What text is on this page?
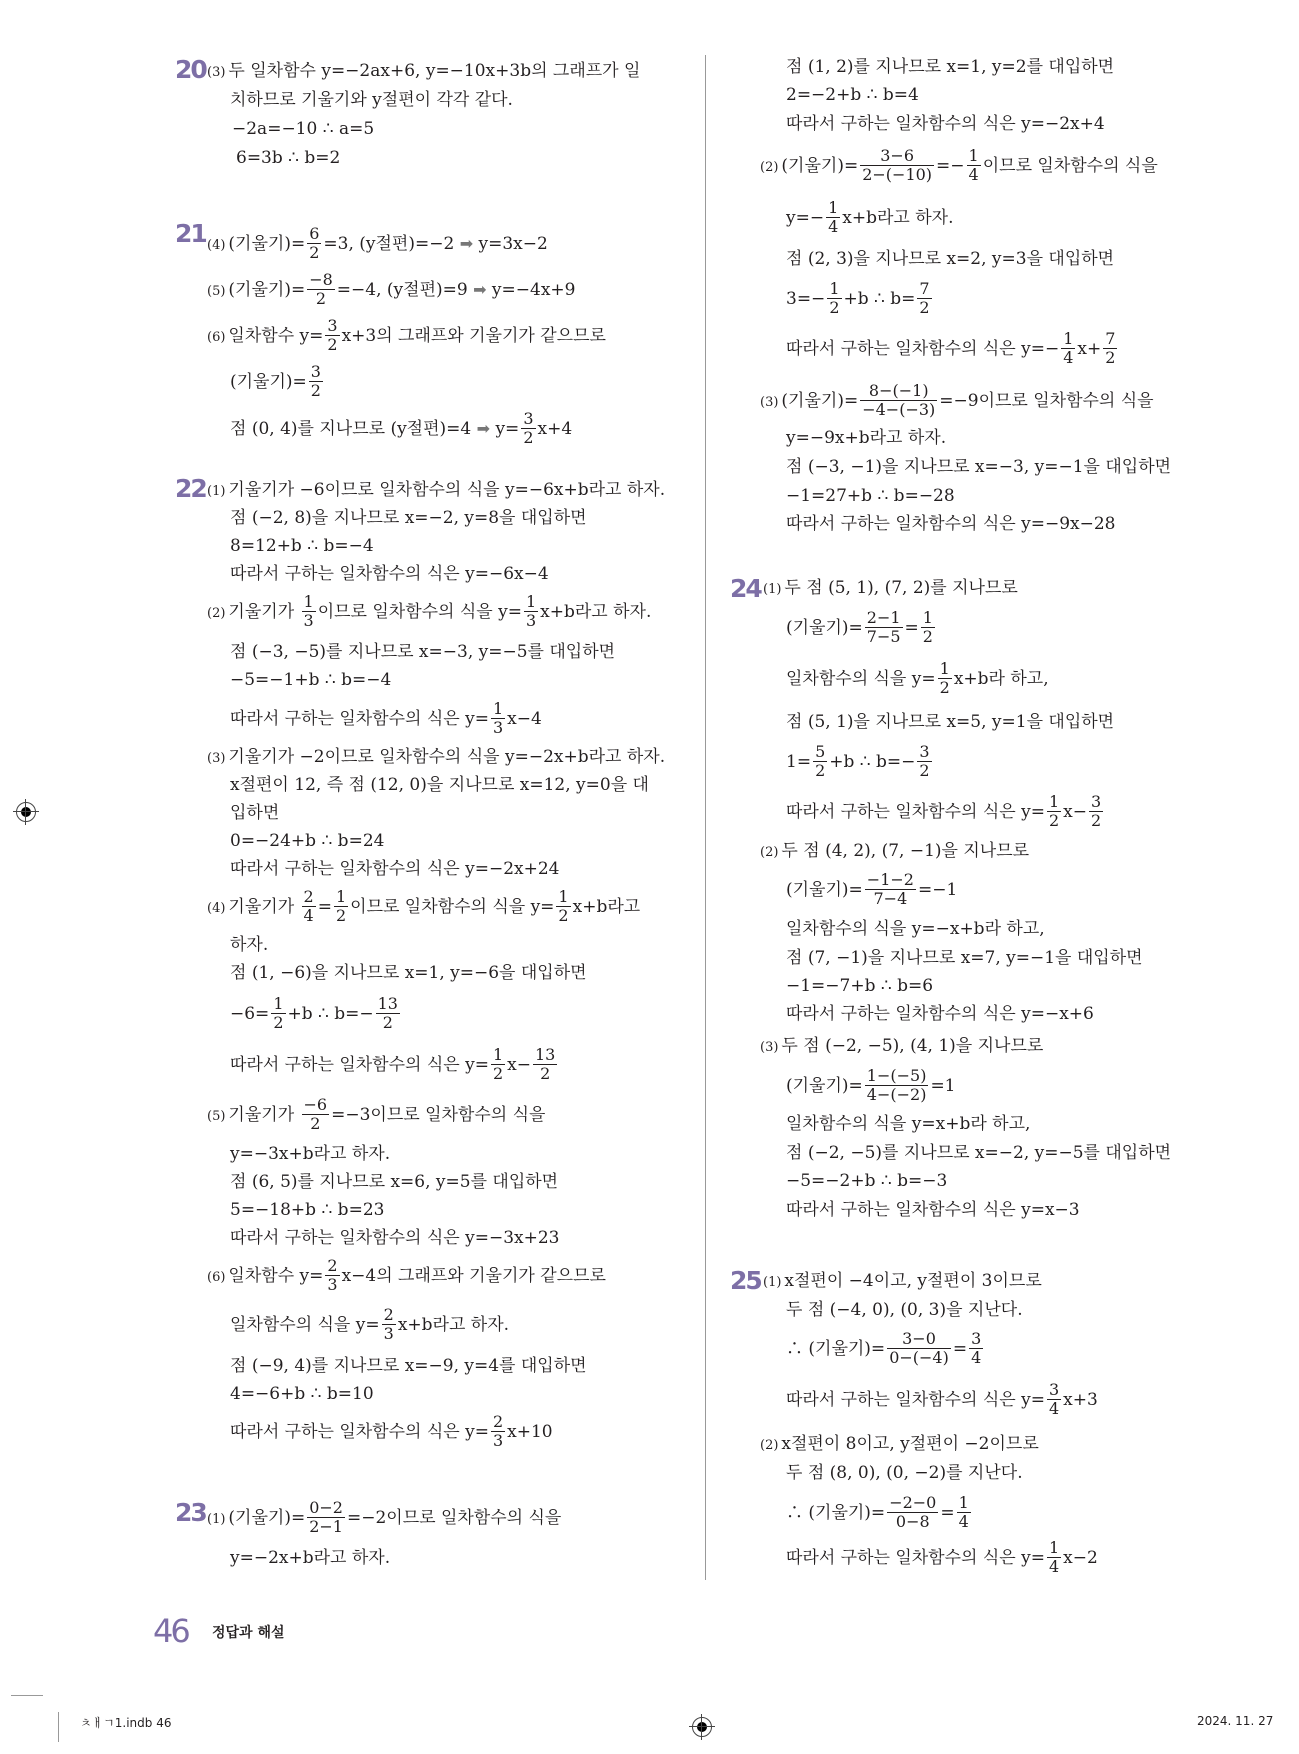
20 (3) 두 일차함수 y=−2ax+6, y=−10x+3b의 그래프가 일
치하므로 기울기와 y절편이 각각 같다.
−2a=−10 ∴ a=5
6=3b ∴ b=2
21 (4) (기울기)= $\frac{6}{2} =3$, (y절편)=−2 ➡ y=3x−2
(5) (기울기)= $\frac{-8}{2} =-4$, (y절편)=9 ➡ y=−4x+9
(6) 일차함수 $y= \frac{3}{2} x+3$의 그래프와 기울기가 같으므로
(기울기)= $\frac{3}{2}$
점 (0, 4)를 지나므로 (y절편)=4 ➡ $y= \frac{3}{2} x+4$
22 (1) 기울기가 −6이므로 일차함수의 식을 y=−6x+b라고 하자.
점 (−2, 8)을 지나므로 x=−2, y=8을 대입하면
8=12+b ∴ b=−4
따라서 구하는 일차함수의 식은 y=−6x−4
(2) 기울기가 $\frac{1}{3}$ 이므로 일차함수의 식을 $y= \frac{1}{3} x+b$라고 하자.
점 (−3, −5)를 지나므로 x=−3, y=−5를 대입하면
−5=−1+b ∴ b=−4
따라서 구하는 일차함수의 식은 $y= \frac{1}{3} x-4$
(3) 기울기가 −2이므로 일차함수의 식을 y=−2x+b라고 하자.
x절편이 12, 즉 점 (12, 0)을 지나므로 x=12, y=0을 대
입하면
0=−24+b ∴ b=24
따라서 구하는 일차함수의 식은 y=−2x+24
(4) 기울기가 $\frac{2}{4} = \frac{1}{2}$ 이므로 일차함수의 식을 $y= \frac{1}{2} x+b$라고
하자.
점 (1, −6)을 지나므로 x=1, y=−6을 대입하면
$-6= \frac{1}{2} +b$ ∴ $b=- \frac{13}{2}$
따라서 구하는 일차함수의 식은 $y= \frac{1}{2} x- \frac{13}{2}$
(5) 기울기가 $\frac{-6}{2} =-3$이므로 일차함수의 식을
y=−3x+b라고 하자.
점 (6, 5)를 지나므로 x=6, y=5를 대입하면
5=−18+b ∴ b=23
따라서 구하는 일차함수의 식은 y=−3x+23
(6) 일차함수 $y= \frac{2}{3} x-4$의 그래프와 기울기가 같으므로
일차함수의 식을 $y= \frac{2}{3} x+b$라고 하자.
점 (−9, 4)를 지나므로 x=−9, y=4를 대입하면
4=−6+b ∴ b=10
따라서 구하는 일차함수의 식은 $y= \frac{2}{3} x+10$
23 (1) (기울기)= $\frac{0-2}{2-1} =-2$이므로 일차함수의 식을
y=−2x+b라고 하자.
점 (1, 2)를 지나므로 x=1, y=2를 대입하면
2=−2+b ∴ b=4
따라서 구하는 일차함수의 식은 y=−2x+4
(2) (기울기)= $\frac{3-6}{2-(-10)} =- \frac{1}{4}$ 이므로 일차함수의 식을
$y=- \frac{1}{4} x+b$라고 하자.
점 (2, 3)을 지나므로 x=2, y=3을 대입하면
$3=- \frac{1}{2} +b$ ∴ $b= \frac{7}{2}$
따라서 구하는 일차함수의 식은 $y=- \frac{1}{4} x+ \frac{7}{2}$
(3) (기울기)= $\frac{8-(-1)}{-4-(-3)} =-9$이므로 일차함수의 식을
y=−9x+b라고 하자.
점 (−3, −1)을 지나므로 x=−3, y=−1을 대입하면
−1=27+b ∴ b=−28
따라서 구하는 일차함수의 식은 y=−9x−28
24 (1) 두 점 (5, 1), (7, 2)를 지나므로
(기울기)= $\frac{2-1}{7-5} = \frac{1}{2}$
일차함수의 식을 $y= \frac{1}{2} x+b$라 하고,
점 (5, 1)을 지나므로 x=5, y=1을 대입하면
$1= \frac{5}{2} +b$ ∴ $b=- \frac{3}{2}$
따라서 구하는 일차함수의 식은 $y= \frac{1}{2} x- \frac{3}{2}$
(2) 두 점 (4, 2), (7, −1)을 지나므로
(기울기)= $\frac{-1-2}{7-4} =-1$
일차함수의 식을 y=−x+b라 하고,
점 (7, −1)을 지나므로 x=7, y=−1을 대입하면
−1=−7+b ∴ b=6
따라서 구하는 일차함수의 식은 y=−x+6
(3) 두 점 (−2, −5), (4, 1)을 지나므로
(기울기)= $\frac{1-(-5)}{4-(-2)} =1$
일차함수의 식을 y=x+b라 하고,
점 (−2, −5)를 지나므로 x=−2, y=−5를 대입하면
−5=−2+b ∴ b=−3
따라서 구하는 일차함수의 식은 y=x−3
25 (1) x절편이 −4이고, y절편이 3이므로
두 점 (−4, 0), (0, 3)을 지난다.
∴ (기울기)= $\frac{3-0}{0-(-4)} = \frac{3}{4}$
따라서 구하는 일차함수의 식은 $y= \frac{3}{4} x+3$
(2) x절편이 8이고, y절편이 −2이므로
두 점 (8, 0), (0, −2)를 지난다.
∴ (기울기)= $\frac{-2-0}{0-8} = \frac{1}{4}$
따라서 구하는 일차함수의 식은 $y= \frac{1}{4} x-2$
46 정답과 해설
ㅊㅐㄱ1.indb 46	2024. 11. 27
